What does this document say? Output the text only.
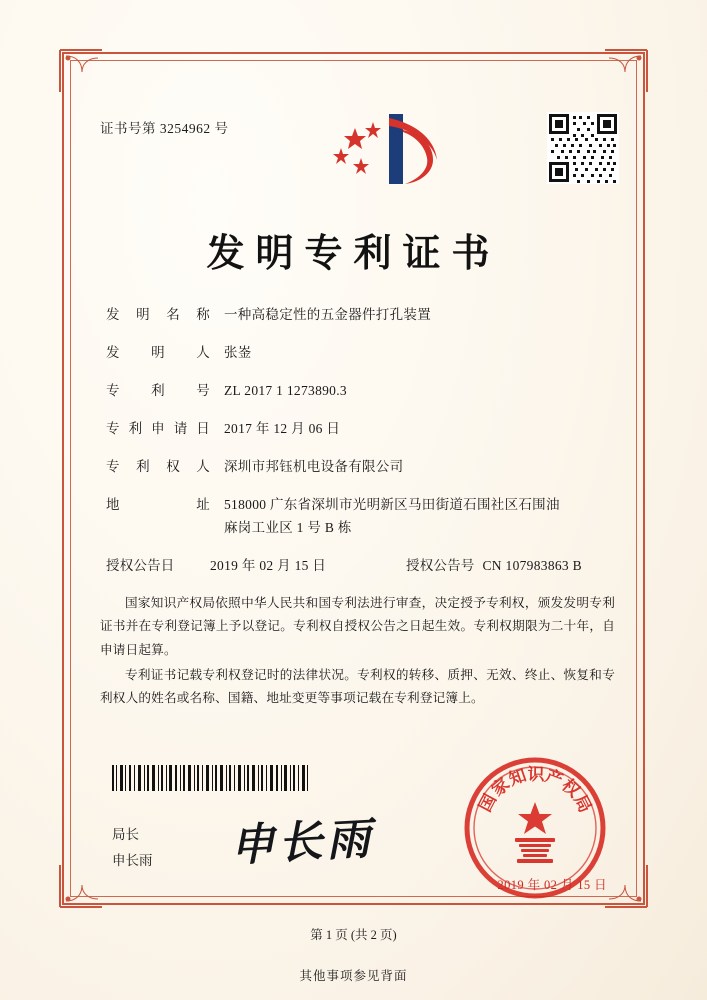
证书号第 3254962 号
发明专利证书
发明名称	一种高稳定性的五金器件打孔装置
发明人	张崟
专利号	ZL 2017 1 1273890.3
专利申请日	2017 年 12 月 06 日
专利权人	深圳市邦钰机电设备有限公司
地址	518000 广东省深圳市光明新区马田街道石围社区石围油
麻岗工业区 1 号 B 栋
授权公告日	2019 年 02 月 15 日	授权公告号 CN 107983863 B

国家知识产权局依照中华人民共和国专利法进行审查，决定授予专利权，颁发发明专利证书并在专利登记簿上予以登记。专利权自授权公告之日起生效。专利权期限为二十年，自申请日起算。

专利证书记载专利权登记时的法律状况。专利权的转移、质押、无效、终止、恢复和专利权人的姓名或名称、国籍、地址变更等事项记载在专利登记簿上。

局长
申长雨 申长雨
国
家
知
识
产
权
局
2019 年 02 月 15 日
第 1 页 (共 2 页)
其他事项参见背面
